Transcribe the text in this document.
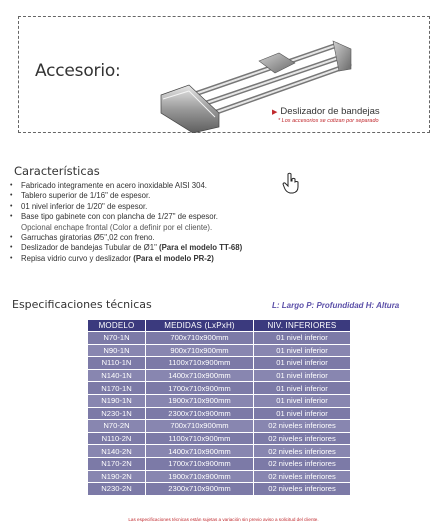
Accesorio:
▶ Deslizador de bandejas
* Los accesorios se cotizan por separado
Características
• Fabricado integramente en acero inoxidable AISI 304.
• Tablero superior de 1/16" de espesor.
• 01 nivel inferior de 1/20" de espesor.
• Base tipo gabinete con con plancha de 1/27" de espesor.
Opcional enchape frontal (Color a definir por el cliente).
• Garruchas giratorias Ø5",02 con freno.
• Deslizador de bandejas Tubular de Ø1" (Para el modelo TT-68)
• Repisa vidrio curvo y deslizador (Para el modelo PR-2)
Especificaciones técnicas	L: Largo P: Profundidad H: Altura
MODELO	MEDIDAS (LxPxH)	NIV. INFERIORES
N70-1N	700x710x900mm	01 nivel inferior
N90-1N	900x710x900mm	01 nivel inferior
N110-1N	1100x710x900mm	01 nivel inferior
N140-1N	1400x710x900mm	01 nivel inferior
N170-1N	1700x710x900mm	01 nivel inferior
N190-1N	1900x710x900mm	01 nivel inferior
N230-1N	2300x710x900mm	01 nivel inferior
N70-2N	700x710x900mm	02 niveles inferiores
N110-2N	1100x710x900mm	02 niveles inferiores
N140-2N	1400x710x900mm	02 niveles inferiores
N170-2N	1700x710x900mm	02 niveles inferiores
N190-2N	1900x710x900mm	02 niveles inferiores
N230-2N	2300x710x900mm	02 niveles inferiores
Las especificaciones técnicas están sujetas a variación sin previo aviso a solicitud del cliente.
